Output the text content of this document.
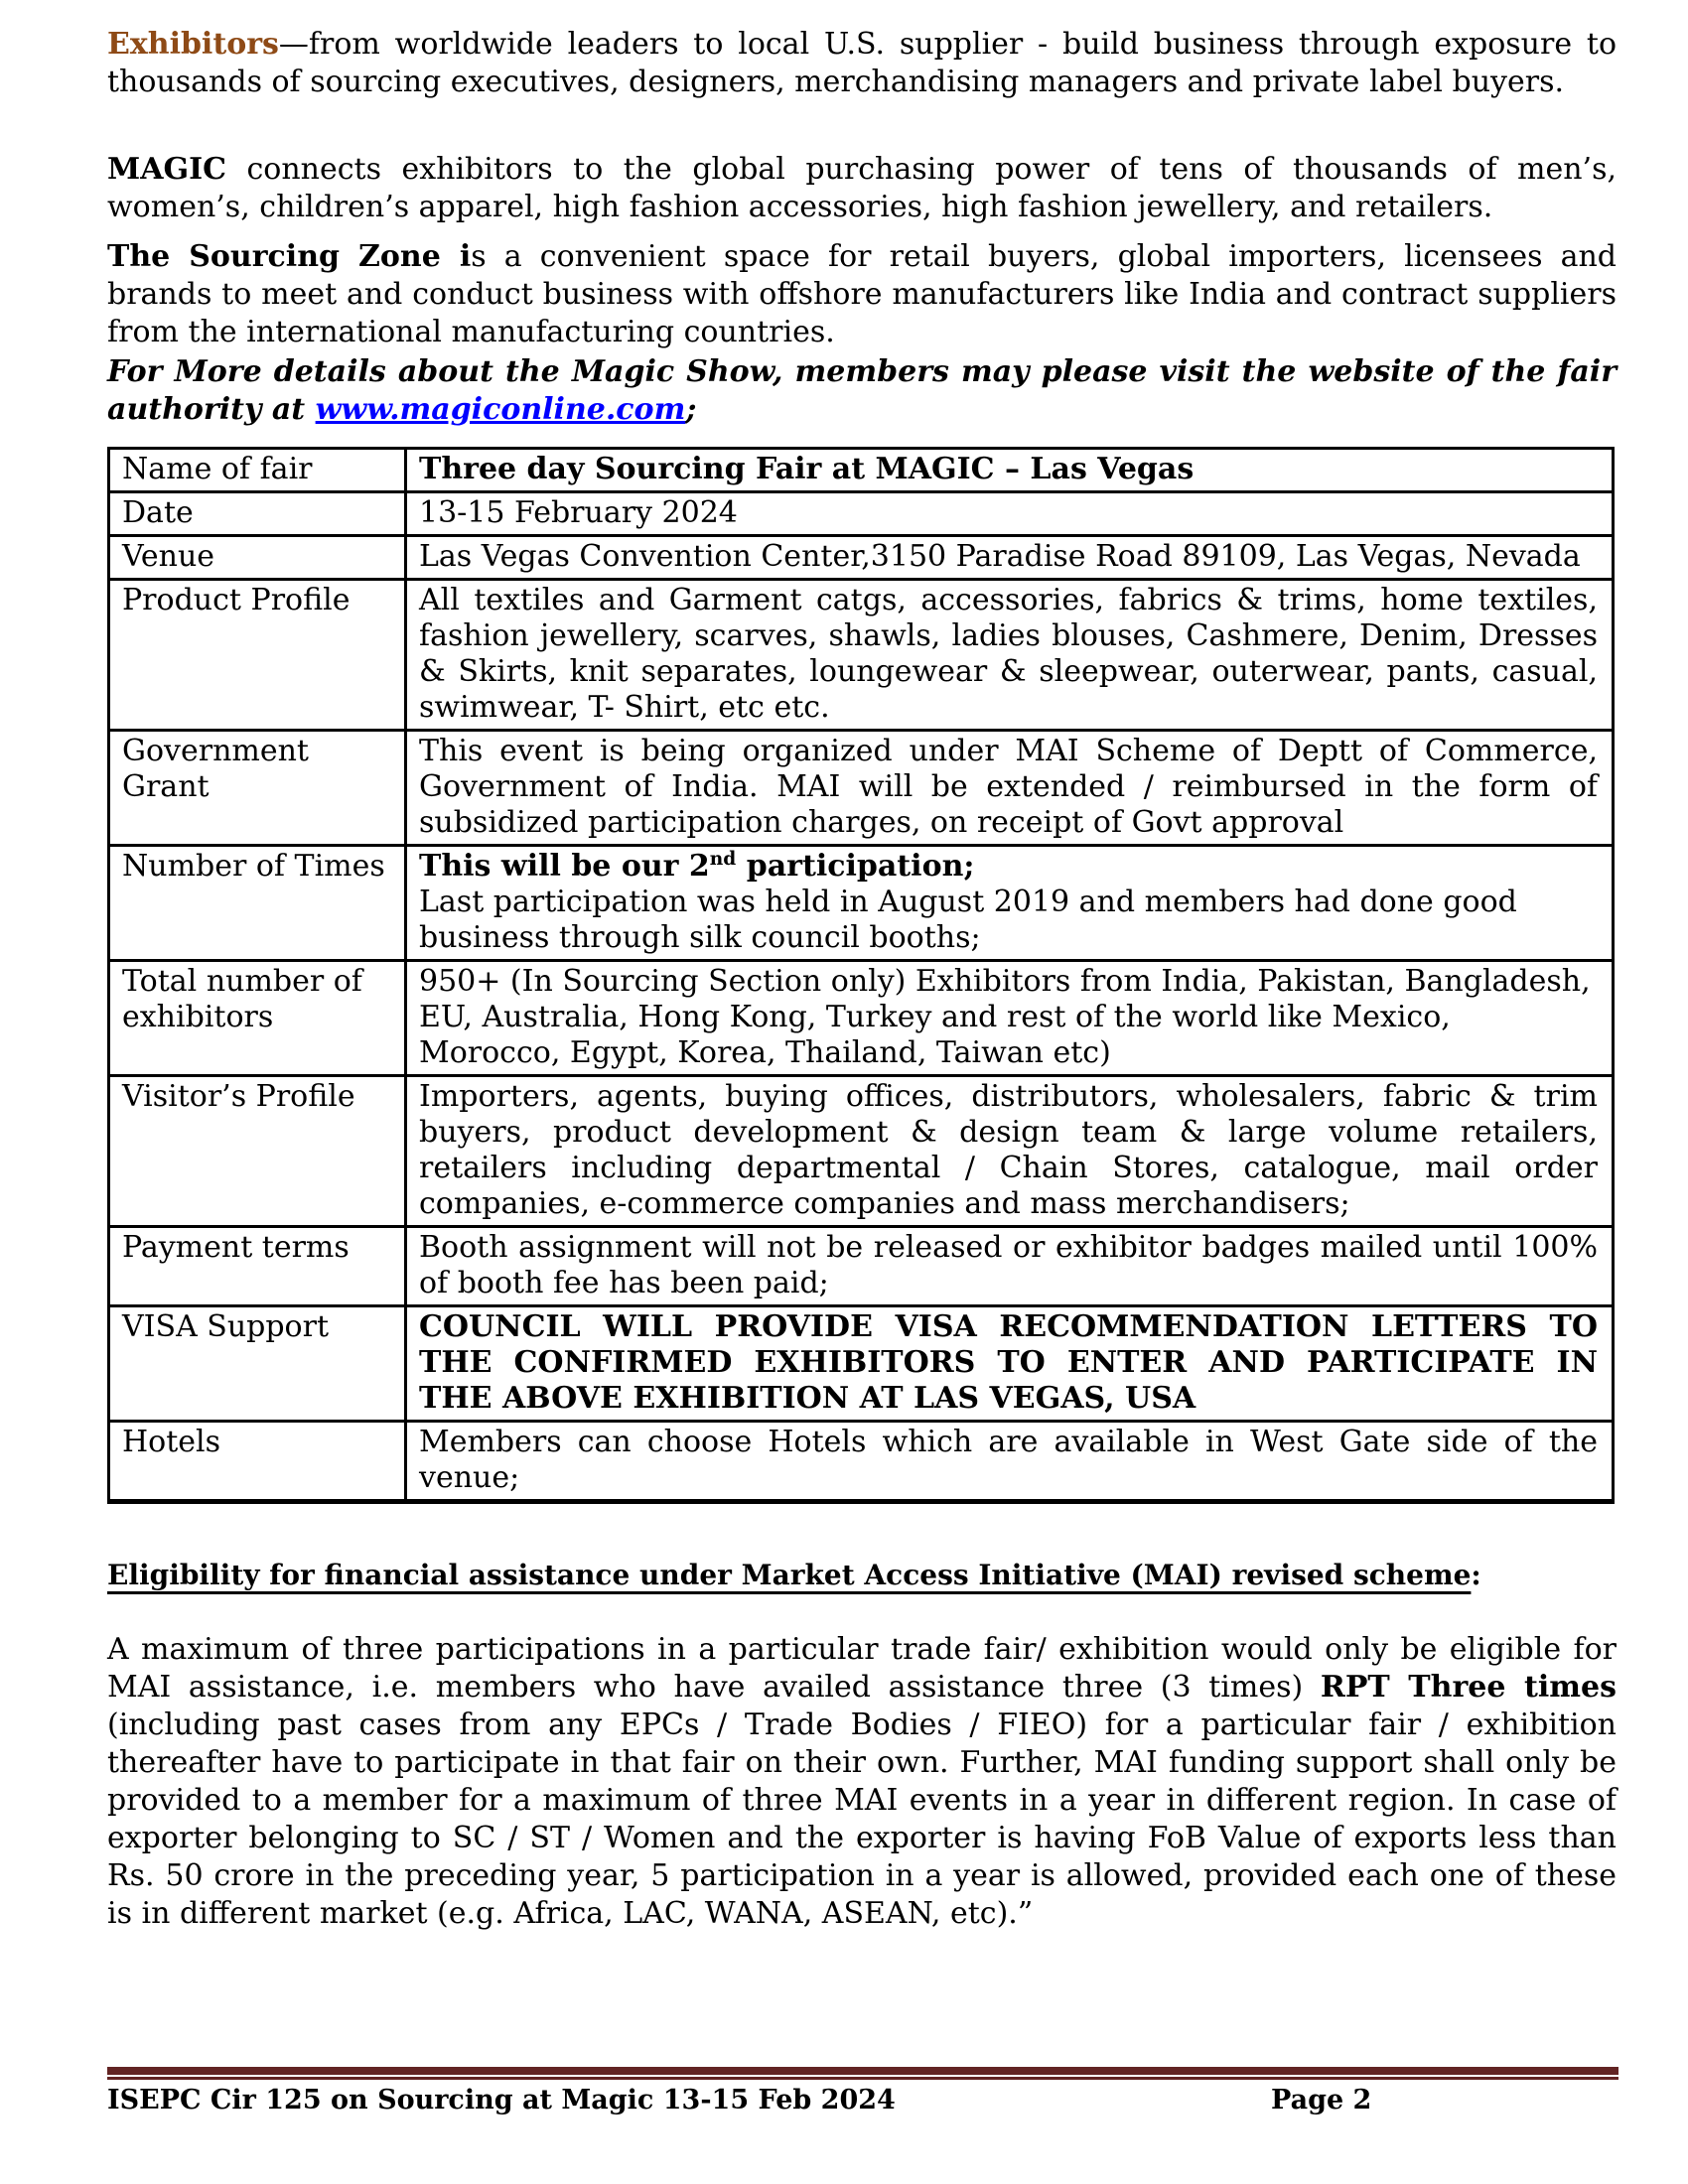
Exhibitors—from worldwide leaders to local U.S. supplier - build business through exposure to thousands of sourcing executives, designers, merchandising managers and private label buyers.

MAGIC connects exhibitors to the global purchasing power of tens of thousands of men’s, women’s, children’s apparel, high fashion accessories, high fashion jewellery, and retailers.

The Sourcing Zone is a convenient space for retail buyers, global importers, licensees and brands to meet and conduct business with offshore manufacturers like India and contract suppliers from the international manufacturing countries.

For More details about the Magic Show, members may please visit the website of the fair authority at www.magiconline.com;

Name of fair	Three day Sourcing Fair at MAGIC – Las Vegas
Date	13-15 February 2024
Venue	Las Vegas Convention Center,3150 Paradise Road 89109, Las Vegas, Nevada
Product Profile	All textiles and Garment catgs, accessories, fabrics & trims, home textiles, fashion jewellery, scarves, shawls, ladies blouses, Cashmere, Denim, Dresses & Skirts, knit separates, loungewear & sleepwear, outerwear, pants, casual, swimwear, T- Shirt, etc etc.
Government Grant	This event is being organized under MAI Scheme of Deptt of Commerce, Government of India. MAI will be extended / reimbursed in the form of subsidized participation charges, on receipt of Govt approval
Number of Times	This will be our 2nd participation;
Last participation was held in August 2019 and members had done good business through silk council booths;
Total number of exhibitors	950+ (In Sourcing Section only) Exhibitors from India, Pakistan, Bangladesh, EU, Australia, Hong Kong, Turkey and rest of the world like Mexico, Morocco, Egypt, Korea, Thailand, Taiwan etc)
Visitor’s Profile	Importers, agents, buying offices, distributors, wholesalers, fabric & trim buyers, product development & design team & large volume retailers, retailers including departmental / Chain Stores, catalogue, mail order companies, e-commerce companies and mass merchandisers;
Payment terms	Booth assignment will not be released or exhibitor badges mailed until 100% of booth fee has been paid;
VISA Support	COUNCIL WILL PROVIDE VISA RECOMMENDATION LETTERS TO THE CONFIRMED EXHIBITORS TO ENTER AND PARTICIPATE IN THE ABOVE EXHIBITION AT LAS VEGAS, USA
Hotels	Members can choose Hotels which are available in West Gate side of the venue;
Eligibility for financial assistance under Market Access Initiative (MAI) revised scheme:

A maximum of three participations in a particular trade fair/ exhibition would only be eligible for MAI assistance, i.e. members who have availed assistance three (3 times) RPT Three times (including past cases from any EPCs / Trade Bodies / FIEO) for a particular fair / exhibition thereafter have to participate in that fair on their own. Further, MAI funding support shall only be provided to a member for a maximum of three MAI events in a year in different region. In case of exporter belonging to SC / ST / Women and the exporter is having FoB Value of exports less than Rs. 50 crore in the preceding year, 5 participation in a year is allowed, provided each one of these is in different market (e.g. Africa, LAC, WANA, ASEAN, etc).”

ISEPC Cir 125 on Sourcing at Magic 13-15 Feb 2024	Page 2
